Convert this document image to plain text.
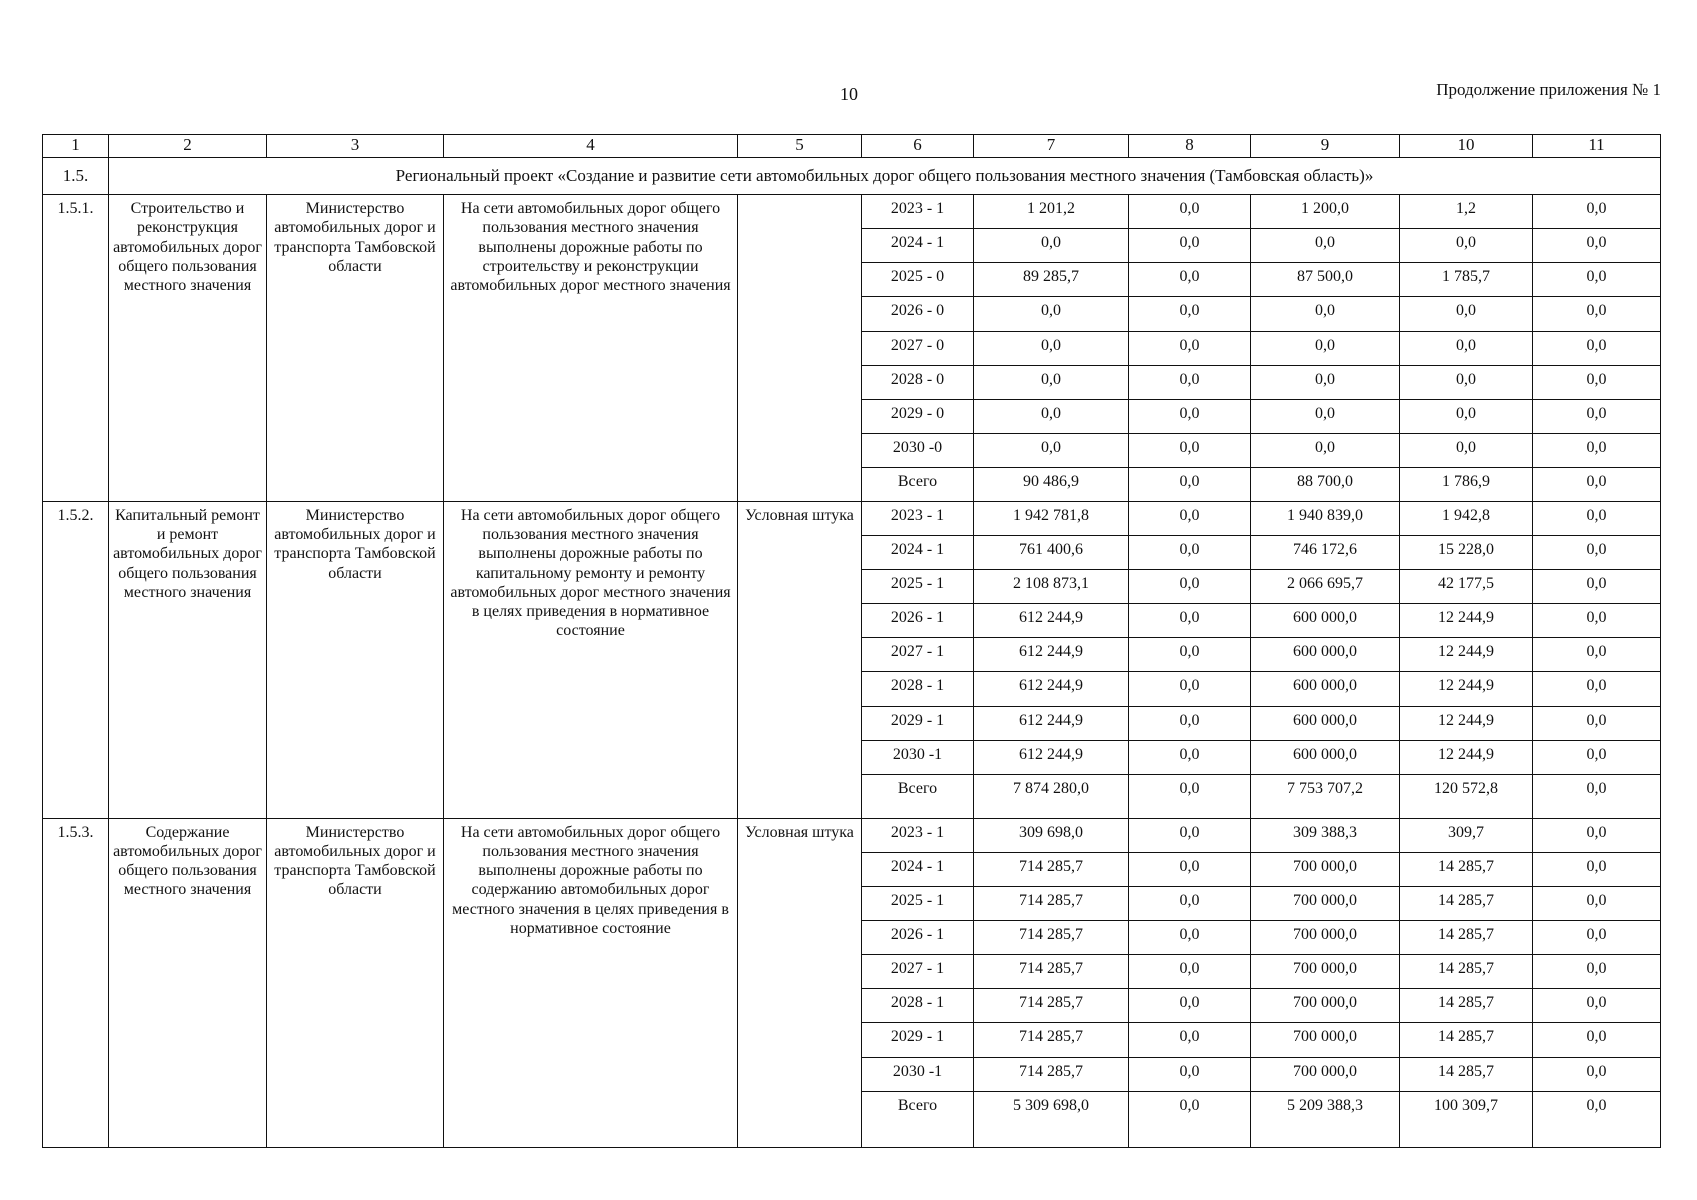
10	Продолжение приложения № 1
1	2	3	4	5	6	7	8	9	10	11
1.5.	Региональный проект «Создание и развитие сети автомобильных дорог общего пользования местного значения (Тамбовская область)»									
1.5.1.	Строительство и реконструкция автомобильных дорог общего пользования местного значения	Министерство автомобильных дорог и транспорта Тамбовской области	На сети автомобильных дорог общего пользования местного значения выполнены дорожные работы по строительству и реконструкции автомобильных дорог местного значения		2023 - 1	1 201,2	0,0	1 200,0	1,2	0,0
					2024 - 1	0,0	0,0	0,0	0,0	0,0
					2025 - 0	89 285,7	0,0	87 500,0	1 785,7	0,0
					2026 - 0	0,0	0,0	0,0	0,0	0,0
					2027 - 0	0,0	0,0	0,0	0,0	0,0
					2028 - 0	0,0	0,0	0,0	0,0	0,0
					2029 - 0	0,0	0,0	0,0	0,0	0,0
					2030 -0	0,0	0,0	0,0	0,0	0,0
					Всего	90 486,9	0,0	88 700,0	1 786,9	0,0
1.5.2.	Капитальный ремонт и ремонт автомобильных дорог общего пользования местного значения	Министерство автомобильных дорог и транспорта Тамбовской области	На сети автомобильных дорог общего пользования местного значения выполнены дорожные работы по капитальному ремонту и ремонту автомобильных дорог местного значения в целях приведения в нормативное состояние	Условная штука	2023 - 1	1 942 781,8	0,0	1 940 839,0	1 942,8	0,0
					2024 - 1	761 400,6	0,0	746 172,6	15 228,0	0,0
					2025 - 1	2 108 873,1	0,0	2 066 695,7	42 177,5	0,0
					2026 - 1	612 244,9	0,0	600 000,0	12 244,9	0,0
					2027 - 1	612 244,9	0,0	600 000,0	12 244,9	0,0
					2028 - 1	612 244,9	0,0	600 000,0	12 244,9	0,0
					2029 - 1	612 244,9	0,0	600 000,0	12 244,9	0,0
					2030 -1	612 244,9	0,0	600 000,0	12 244,9	0,0
					Всего	7 874 280,0	0,0	7 753 707,2	120 572,8	0,0
1.5.3.	Содержание автомобильных дорог общего пользования местного значения	Министерство автомобильных дорог и транспорта Тамбовской области	На сети автомобильных дорог общего пользования местного значения выполнены дорожные работы по содержанию автомобильных дорог местного значения в целях приведения в нормативное состояние	Условная штука	2023 - 1	309 698,0	0,0	309 388,3	309,7	0,0
					2024 - 1	714 285,7	0,0	700 000,0	14 285,7	0,0
					2025 - 1	714 285,7	0,0	700 000,0	14 285,7	0,0
					2026 - 1	714 285,7	0,0	700 000,0	14 285,7	0,0
					2027 - 1	714 285,7	0,0	700 000,0	14 285,7	0,0
					2028 - 1	714 285,7	0,0	700 000,0	14 285,7	0,0
					2029 - 1	714 285,7	0,0	700 000,0	14 285,7	0,0
					2030 -1	714 285,7	0,0	700 000,0	14 285,7	0,0
					Всего	5 309 698,0	0,0	5 209 388,3	100 309,7	0,0
